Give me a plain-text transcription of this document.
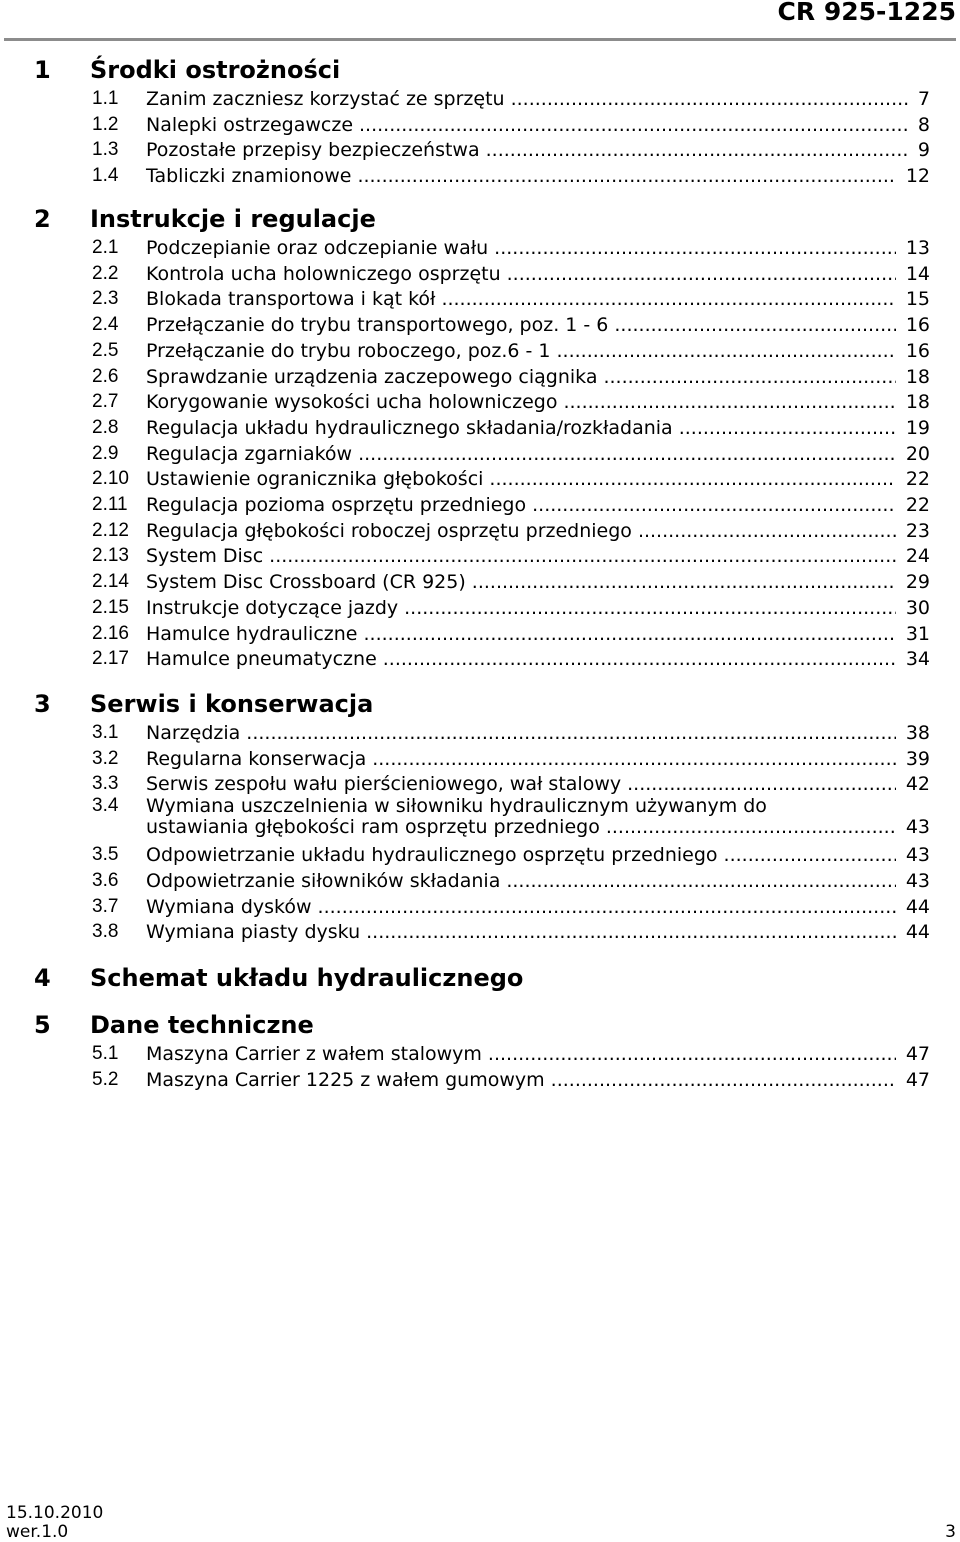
CR 925-1225
1 Środki ostrożności
1.1 Zanim zaczniesz korzystać ze sprzętu .....	7
1.2 Nalepki ostrzegawcze .....	8
1.3 Pozostałe przepisy bezpieczeństwa .....	9
1.4 Tabliczki znamionowe .....	12
2 Instrukcje i regulacje
2.1 Podczepianie oraz odczepianie wału .....	13
2.2 Kontrola ucha holowniczego osprzętu .....	14
2.3 Blokada transportowa i kąt kół .....	15
2.4 Przełączanie do trybu transportowego, poz. 1 - 6 .....	16
2.5 Przełączanie do trybu roboczego, poz.6 - 1 .....	16
2.6 Sprawdzanie urządzenia zaczepowego ciągnika .....	18
2.7 Korygowanie wysokości ucha holowniczego .....	18
2.8 Regulacja układu hydraulicznego składania/rozkładania .....	19
2.9 Regulacja zgarniaków .....	20
2.10 Ustawienie ogranicznika głębokości .....	22
2.11 Regulacja pozioma osprzętu przedniego .....	22
2.12 Regulacja głębokości roboczej osprzętu przedniego .....	23
2.13 System Disc .....	24
2.14 System Disc Crossboard (CR 925) .....	29
2.15 Instrukcje dotyczące jazdy .....	30
2.16 Hamulce hydrauliczne .....	31
2.17 Hamulce pneumatyczne .....	34
3 Serwis i konserwacja
3.1 Narzędzia .....	38
3.2 Regularna konserwacja .....	39
3.3 Serwis zespołu wału pierścieniowego, wał stalowy .....	42
3.4 Wymiana uszczelnienia w siłowniku hydraulicznym używanym do
ustawiania głębokości ram osprzętu przedniego .....	43
3.5 Odpowietrzanie układu hydraulicznego osprzętu przedniego .....	43
3.6 Odpowietrzanie siłowników składania .....	43
3.7 Wymiana dysków .....	44
3.8 Wymiana piasty dysku .....	44
4 Schemat układu hydraulicznego
5 Dane techniczne
5.1 Maszyna Carrier z wałem stalowym .....	47
5.2 Maszyna Carrier 1225 z wałem gumowym .....	47
15.10.2010
wer.1.0	3
